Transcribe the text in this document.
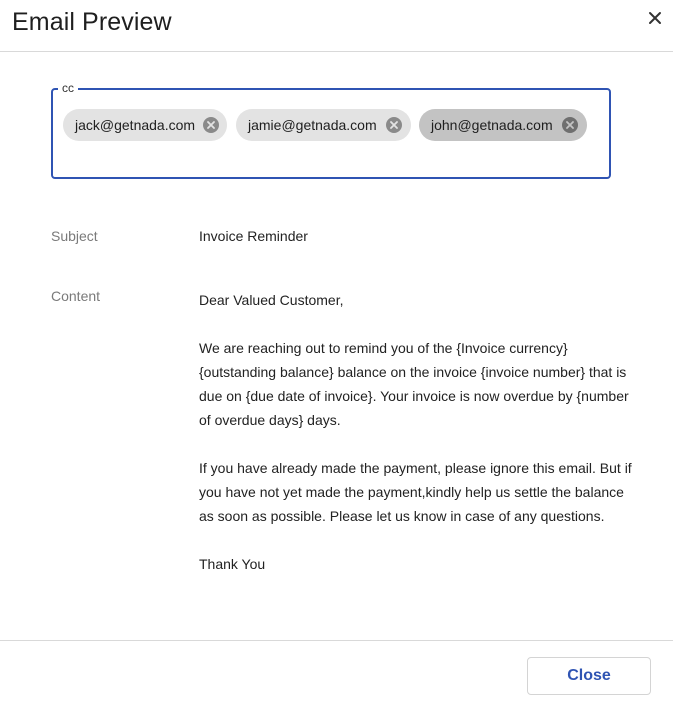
Email Preview
cc
jack@getnada.com	jamie@getnada.com	john@getnada.com
Subject	Invoice Reminder
Content	Dear Valued Customer,

We are reaching out to remind you of the {Invoice currency} {outstanding balance} balance on the invoice {invoice number} that is due on {due date of invoice}. Your invoice is now overdue by {number of overdue days} days.

If you have already made the payment, please ignore this email. But if you have not yet made the payment,kindly help us settle the balance as soon as possible. Please let us know in case of any questions.

Thank You

Close
